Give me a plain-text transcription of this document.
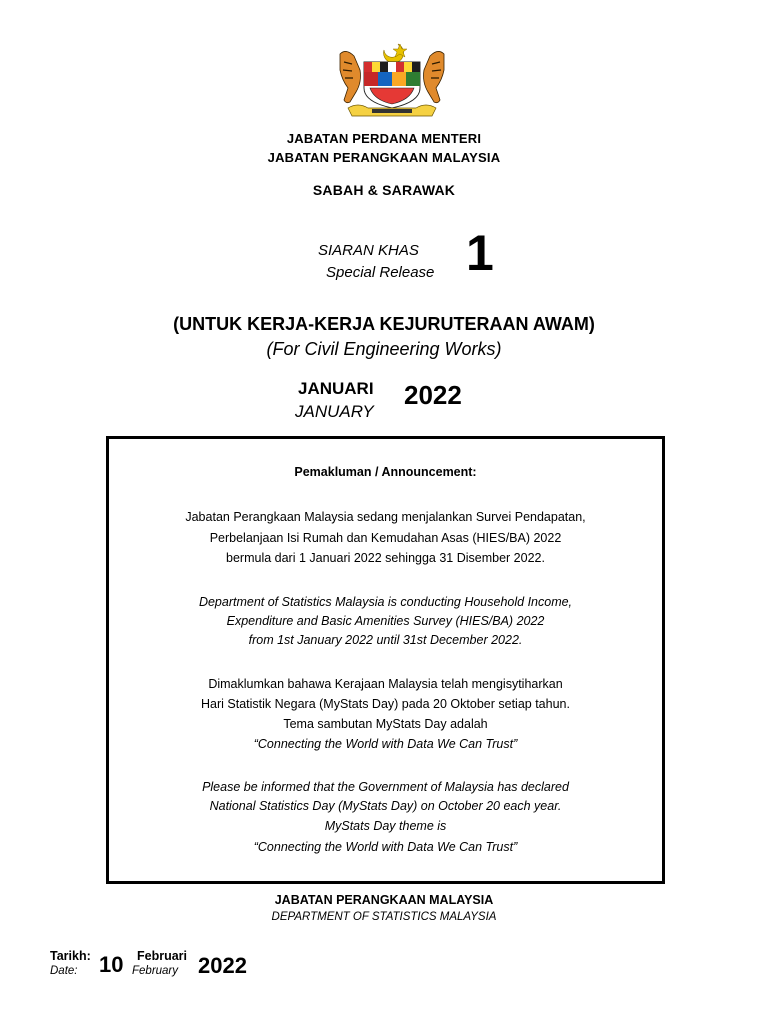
JABATAN PERDANA MENTERI
JABATAN PERANGKAAN MALAYSIA
SABAH & SARAWAK
SIARAN KHAS
Special Release 1
(UNTUK KERJA-KERJA KEJURUTERAAN AWAM)
(For Civil Engineering Works)
JANUARI
JANUARY
2022
Pemakluman / Announcement:
Jabatan Perangkaan Malaysia sedang menjalankan Survei Pendapatan,
Perbelanjaan Isi Rumah dan Kemudahan Asas (HIES/BA) 2022
bermula dari 1 Januari 2022 sehingga 31 Disember 2022.
Department of Statistics Malaysia is conducting Household Income,
Expenditure and Basic Amenities Survey (HIES/BA) 2022
from 1st January 2022 until 31st December 2022.
Dimaklumkan bahawa Kerajaan Malaysia telah mengisytiharkan
Hari Statistik Negara (MyStats Day) pada 20 Oktober setiap tahun.
Tema sambutan MyStats Day adalah
“Connecting the World with Data We Can Trust”
Please be informed that the Government of Malaysia has declared
National Statistics Day (MyStats Day) on October 20 each year.
MyStats Day theme is
“Connecting the World with Data We Can Trust”
JABATAN PERANGKAAN MALAYSIA
DEPARTMENT OF STATISTICS MALAYSIA
Tarikh:
Date: 10 Februari
February 2022
